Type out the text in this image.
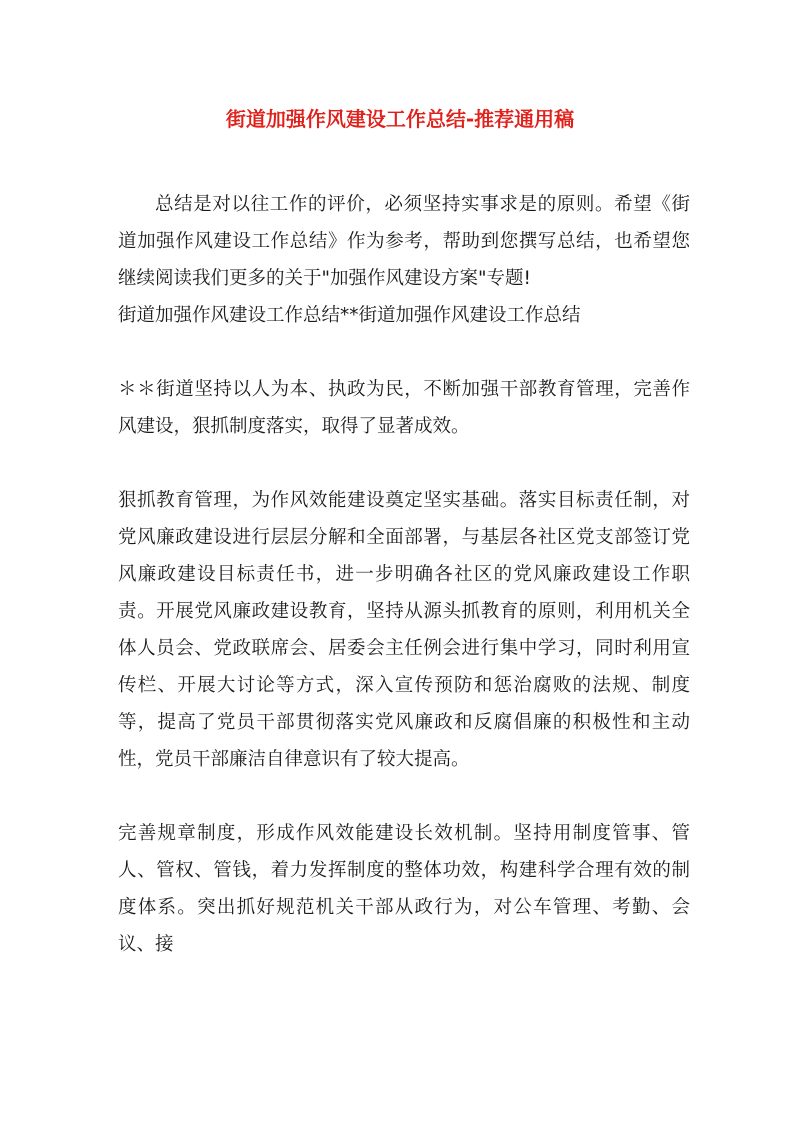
街道加强作风建设工作总结-推荐通用稿

总结是对以往工作的评价，必须坚持实事求是的原则。希望《街道加强作风建设工作总结》作为参考，帮助到您撰写总结，也希望您继续阅读我们更多的关于"加强作风建设方案"专题!

街道加强作风建设工作总结**街道加强作风建设工作总结

＊＊街道坚持以人为本、执政为民，不断加强干部教育管理，完善作风建设，狠抓制度落实，取得了显著成效。

狠抓教育管理，为作风效能建设奠定坚实基础。落实目标责任制，对党风廉政建设进行层层分解和全面部署，与基层各社区党支部签订党风廉政建设目标责任书，进一步明确各社区的党风廉政建设工作职责。开展党风廉政建设教育，坚持从源头抓教育的原则，利用机关全体人员会、党政联席会、居委会主任例会进行集中学习，同时利用宣传栏、开展大讨论等方式，深入宣传预防和惩治腐败的法规、制度等，提高了党员干部贯彻落实党风廉政和反腐倡廉的积极性和主动性，党员干部廉洁自律意识有了较大提高。

完善规章制度，形成作风效能建设长效机制。坚持用制度管事、管人、管权、管钱，着力发挥制度的整体功效，构建科学合理有效的制度体系。突出抓好规范机关干部从政行为，对公车管理、考勤、会议、接
